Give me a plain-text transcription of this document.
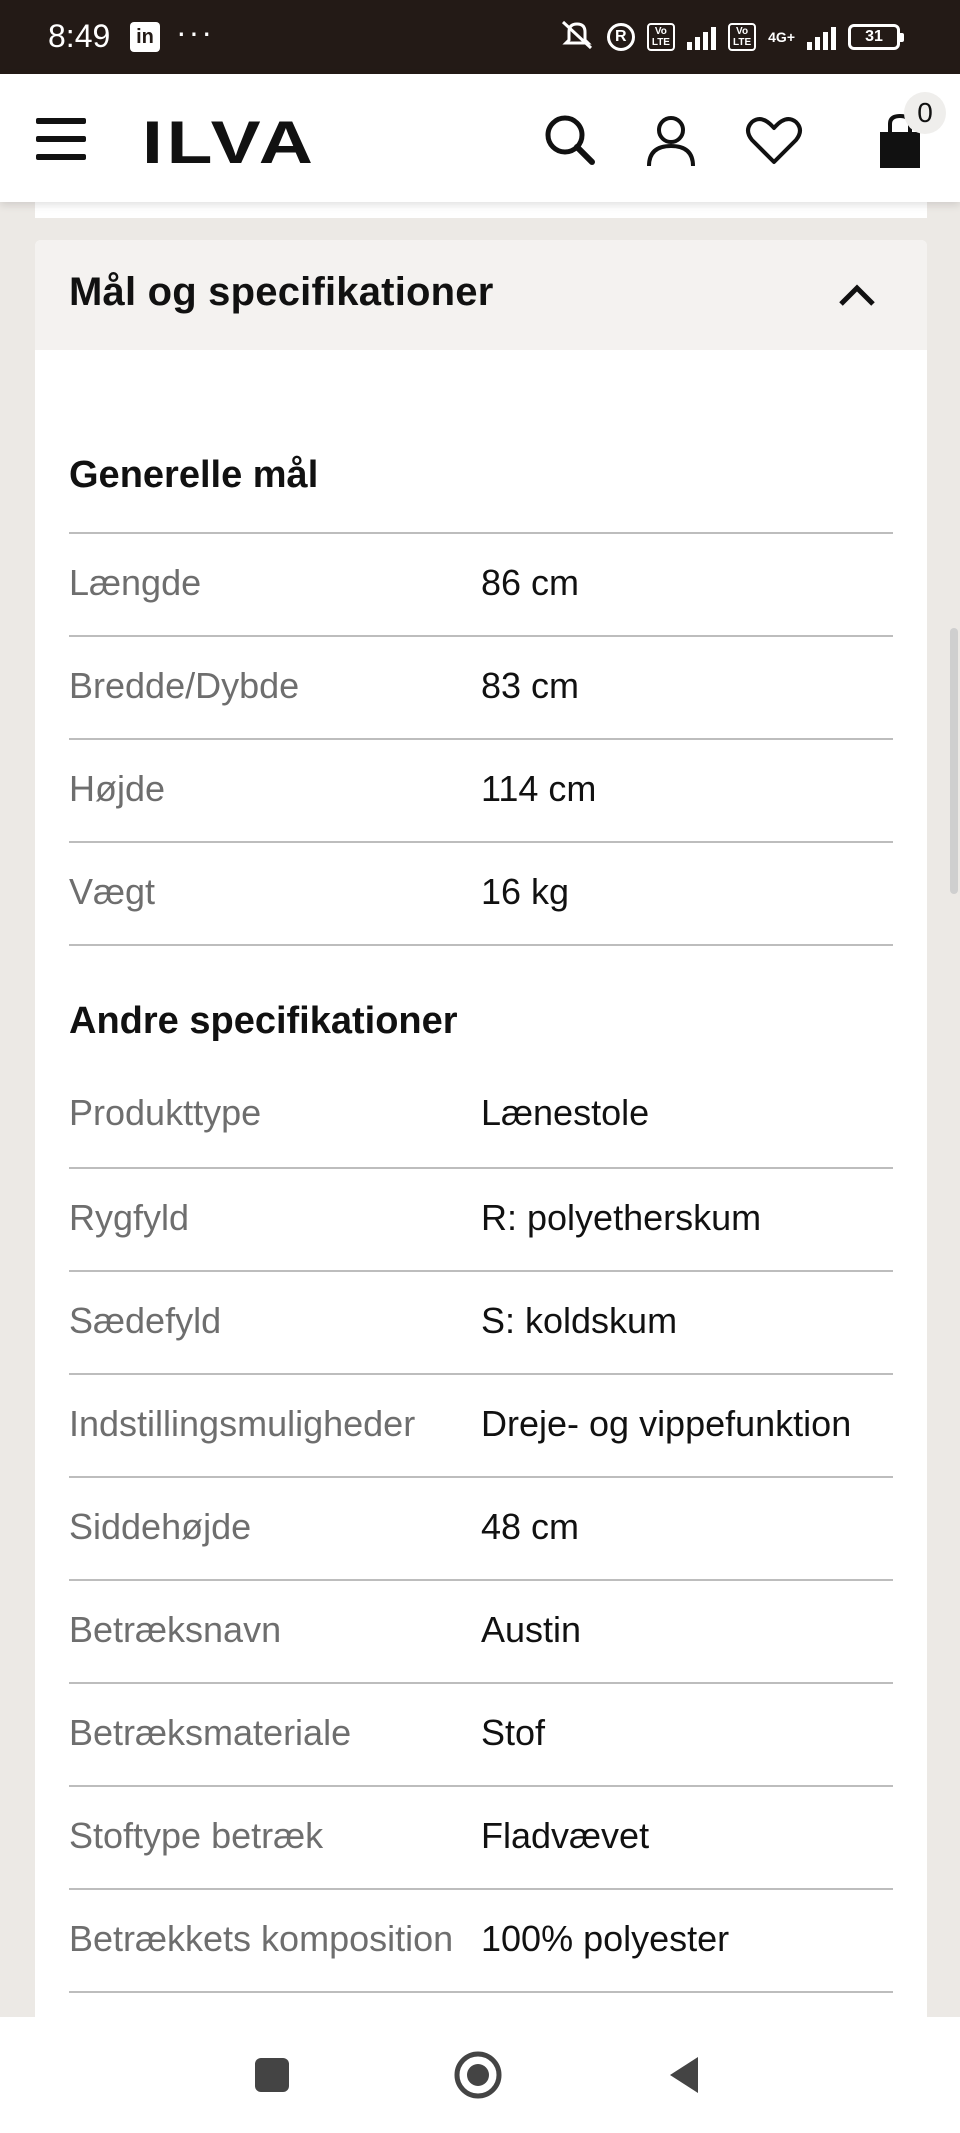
8:49	in ···	R	Vo
LTE
Vo
LTE	4G+	31
ILVA	0
Mål og specifikationer
Generelle mål
Længde	86 cm
Bredde/Dybde	83 cm
Højde	114 cm
Vægt	16 kg
Andre specifikationer
Produkttype	Lænestole
Rygfyld	R: polyetherskum
Sædefyld	S: koldskum
Indstillingsmuligheder Dreje- og vippefunktion
Siddehøjde	48 cm
Betræksnavn	Austin
Betræksmateriale	Stof
Stoftype betræk	Fladvævet
Betrækkets komposition 100% polyester
